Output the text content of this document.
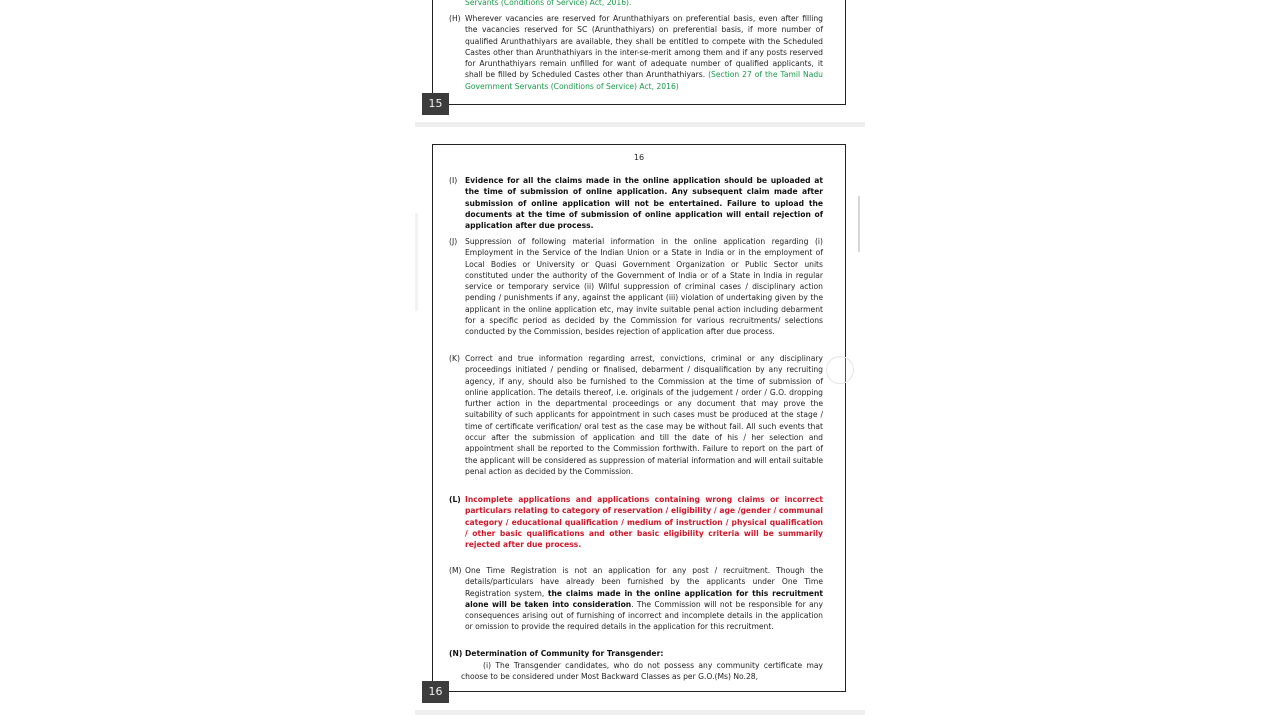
Servants (Conditions of Service) Act, 2016).
(H) Wherever vacancies are reserved for Arunthathiyars on preferential basis, even after filling the vacancies reserved for SC (Arunthathiyars) on preferential basis, if more number of qualified Arunthathiyars are available, they shall be entitled to compete with the Scheduled Castes other than Arunthathiyars in the inter-se-merit among them and if any posts reserved for Arunthathiyars remain unfilled for want of adequate number of qualified applicants, it shall be filled by Scheduled Castes other than Arunthathiyars. (Section 27 of the Tamil Nadu Government Servants (Conditions of Service) Act, 2016)
15
16
(I) Evidence for all the claims made in the online application should be uploaded at the time of submission of online application. Any subsequent claim made after submission of online application will not be entertained. Failure to upload the documents at the time of submission of online application will entail rejection of application after due process.
(J) Suppression of following material information in the online application regarding (i) Employment in the Service of the Indian Union or a State in India or in the employment of Local Bodies or University or Quasi Government Organization or Public Sector units constituted under the authority of the Government of India or of a State in India in regular service or temporary service (ii) Wilful suppression of criminal cases / disciplinary action pending / punishments if any, against the applicant (iii) violation of undertaking given by the applicant in the online application etc, may invite suitable penal action including debarment for a specific period as decided by the Commission for various recruitments/ selections conducted by the Commission, besides rejection of application after due process.
(K) Correct and true information regarding arrest, convictions, criminal or any disciplinary proceedings initiated / pending or finalised, debarment / disqualification by any recruiting agency, if any, should also be furnished to the Commission at the time of submission of online application. The details thereof, i.e. originals of the judgement / order / G.O. dropping further action in the departmental proceedings or any document that may prove the suitability of such applicants for appointment in such cases must be produced at the stage / time of certificate verification/ oral test as the case may be without fail. All such events that occur after the submission of application and till the date of his / her selection and appointment shall be reported to the Commission forthwith. Failure to report on the part of the applicant will be considered as suppression of material information and will entail suitable penal action as decided by the Commission.
(L) Incomplete applications and applications containing wrong claims or incorrect particulars relating to category of reservation / eligibility / age /gender / communal category / educational qualification / medium of instruction / physical qualification / other basic qualifications and other basic eligibility criteria will be summarily rejected after due process.
(M) One Time Registration is not an application for any post / recruitment. Though the details/particulars have already been furnished by the applicants under One Time Registration system, the claims made in the online application for this recruitment alone will be taken into consideration. The Commission will not be responsible for any consequences arising out of furnishing of incorrect and incomplete details in the application or omission to provide the required details in the application for this recruitment.
(N) Determination of Community for Transgender:
(i) The Transgender candidates, who do not possess any community certificate may choose to be considered under Most Backward Classes as per G.O.(Ms) No.28,
16
